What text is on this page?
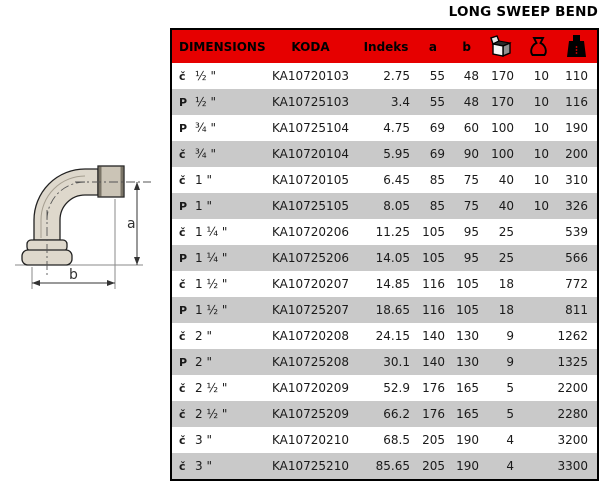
LONG SWEEP BEND
a
b
DIMENSIONS	KODA	Indeks	a	b			
č ½ "	KA10720103	2.75	55	48	170	10	110
P ½ "	KA10725103	3.4	55	48	170	10	116
P ¾ "	KA10725104	4.75	69	60	100	10	190
č ¾ "	KA10720104	5.95	69	90	100	10	200
č 1 "	KA10720105	6.45	85	75	40	10	310
P 1 "	KA10725105	8.05	85	75	40	10	326
č 1 ¼ "	KA10720206	11.25	105	95	25		539
P 1 ¼ "	KA10725206	14.05	105	95	25		566
č 1 ½ "	KA10720207	14.85	116	105	18		772
P 1 ½ "	KA10725207	18.65	116	105	18		811
č 2 "	KA10720208	24.15	140	130	9		1262
P 2 "	KA10725208	30.1	140	130	9		1325
č 2 ½ "	KA10720209	52.9	176	165	5		2200
č 2 ½ "	KA10725209	66.2	176	165	5		2280
č 3 "	KA10720210	68.5	205	190	4		3200
č 3 "	KA10725210	85.65	205	190	4		3300
